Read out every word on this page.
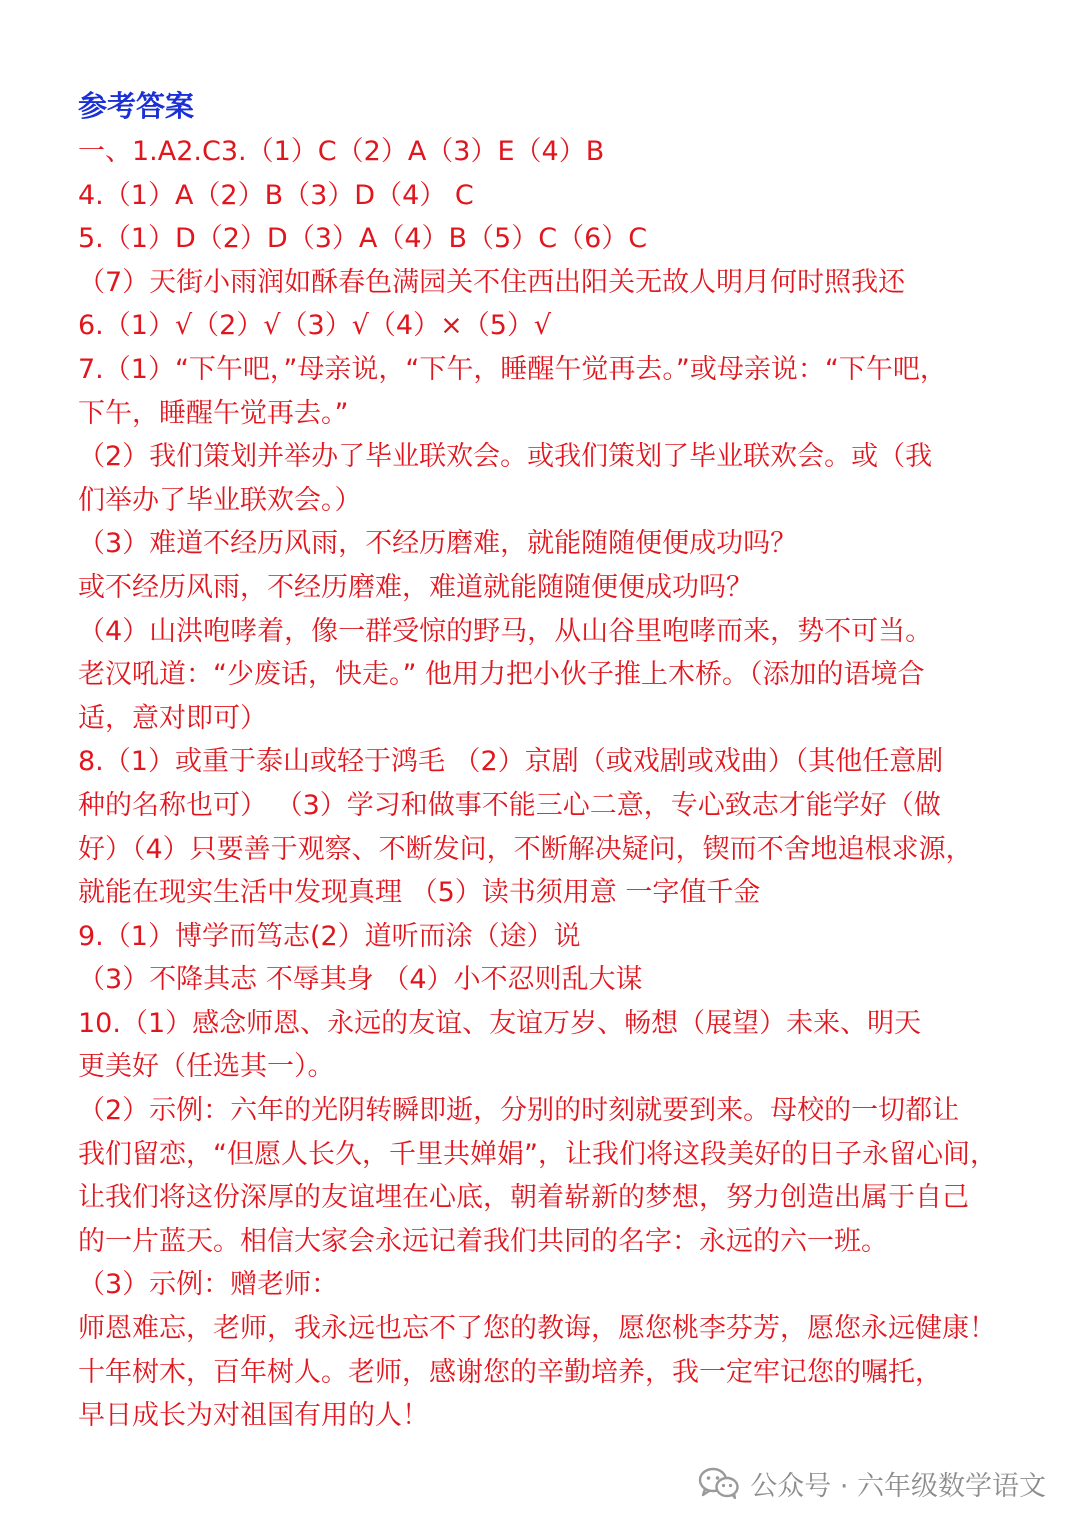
参考答案
一、1.A2.C3.（1）C（2）A（3）E（4）B
4.（1）A（2）B（3）D（4） C
5.（1）D（2）D（3）A（4）B（5）C（6）C
（7）天街小雨润如酥春色满园关不住西出阳关无故人明月何时照我还
6.（1）√（2）√（3）√（4）×（5）√
7.（1）“下午吧，”母亲说，“下午，睡醒午觉再去。”或母亲说：“下午吧，
下午，睡醒午觉再去。”
（2）我们策划并举办了毕业联欢会。或我们策划了毕业联欢会。或（我
们举办了毕业联欢会。）
（3）难道不经历风雨，不经历磨难，就能随随便便成功吗？
或不经历风雨，不经历磨难，难道就能随随便便成功吗？
（4）山洪咆哮着，像一群受惊的野马，从山谷里咆哮而来，势不可当。
老汉吼道：“少废话，快走。” 他用力把小伙子推上木桥。（添加的语境合
适，意对即可）
8.（1）或重于泰山或轻于鸿毛 （2）京剧（或戏剧或戏曲）（其他任意剧
种的名称也可） （3）学习和做事不能三心二意，专心致志才能学好（做
好）（4）只要善于观察、不断发问，不断解决疑问，锲而不舍地追根求源，
就能在现实生活中发现真理 （5）读书须用意 一字值千金
9.（1）博学而笃志(2）道听而涂（途）说
（3）不降其志 不辱其身 （4）小不忍则乱大谋
10.（1）感念师恩、永远的友谊、友谊万岁、畅想（展望）未来、明天
更美好（任选其一）。
（2）示例：六年的光阴转瞬即逝，分别的时刻就要到来。母校的一切都让
我们留恋，“但愿人长久，千里共婵娟”，让我们将这段美好的日子永留心间，
让我们将这份深厚的友谊埋在心底，朝着崭新的梦想，努力创造出属于自己
的一片蓝天。相信大家会永远记着我们共同的名字：永远的六一班。
（3）示例：赠老师：
师恩难忘，老师，我永远也忘不了您的教诲，愿您桃李芬芳，愿您永远健康！
十年树木，百年树人。老师，感谢您的辛勤培养，我一定牢记您的嘱托，
早日成长为对祖国有用的人！
公众号 · 六年级数学语文
